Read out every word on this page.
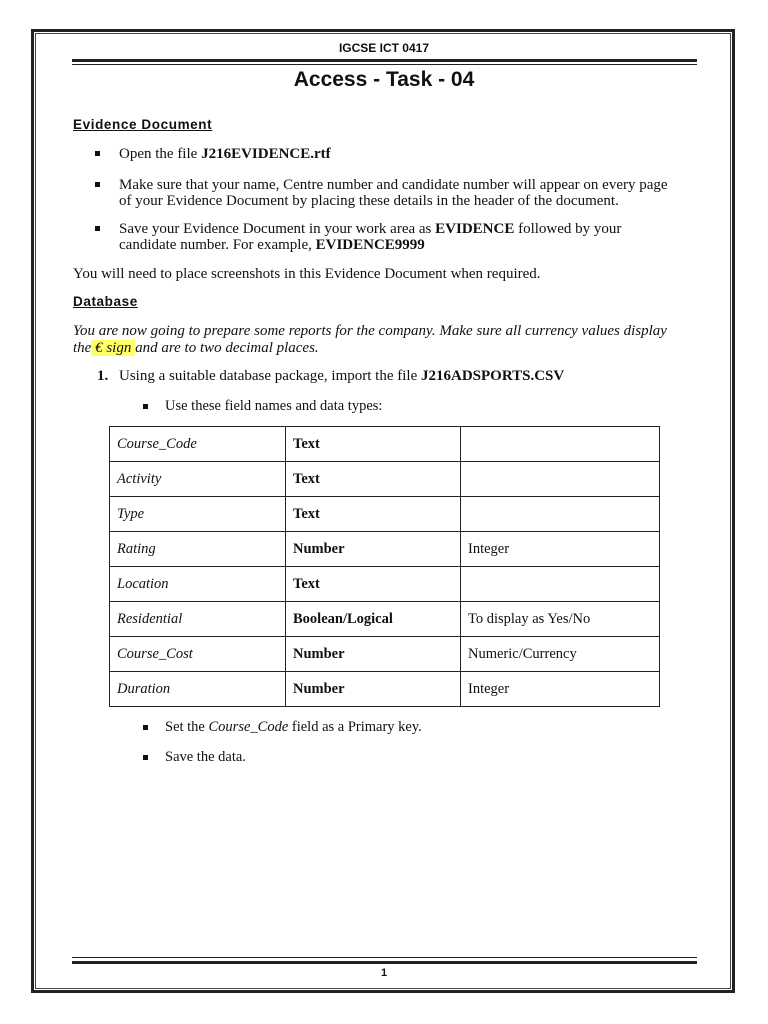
IGCSE ICT 0417
Access - Task - 04
Evidence Document
Open the file J216EVIDENCE.rtf
Make sure that your name, Centre number and candidate number will appear on every page
of your Evidence Document by placing these details in the header of the document.
Save your Evidence Document in your work area as EVIDENCE followed by your
candidate number. For example, EVIDENCE9999
You will need to place screenshots in this Evidence Document when required.
Database
You are now going to prepare some reports for the company. Make sure all currency values display
the € sign and are to two decimal places.
1. Using a suitable database package, import the file J216ADSPORTS.CSV
Use these field names and data types:
Course_Code	Text	
Activity	Text	
Type	Text	
Rating	Number	Integer
Location	Text	
Residential	Boolean/Logical	To display as Yes/No
Course_Cost	Number	Numeric/Currency
Duration	Number	Integer
Set the Course_Code field as a Primary key.
Save the data.
1
